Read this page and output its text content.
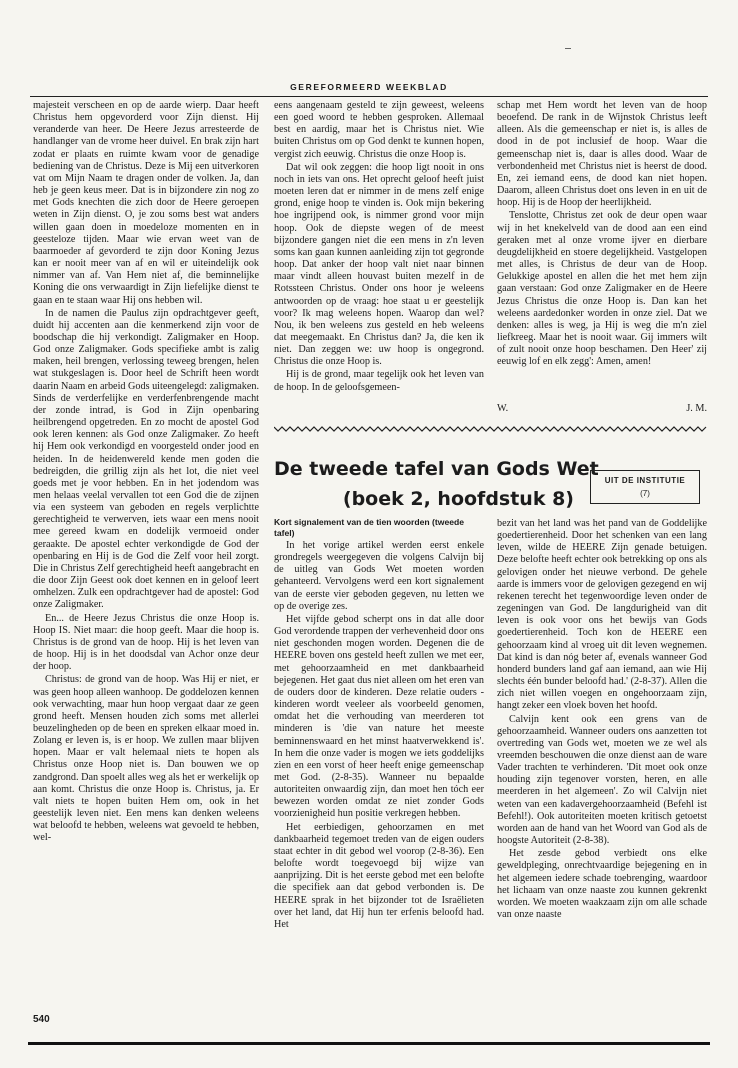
GEREFORMEERD WEEKBLAD

majesteit verscheen en op de aarde wierp. Daar heeft Christus hem opgevorderd voor Zijn dienst. Hij veranderde van heer. De Heere Jezus arresteerde de handlanger van de vrome heer duivel. En brak zijn hart zodat er plaats en ruimte kwam voor de genadige bediening van de Christus. Deze is Mij een uitverkoren vat om Mijn Naam te dragen onder de volken. Ja, dan heb je geen keus meer. Dat is in bijzondere zin nog zo met Gods knechten die zich door de Heere geroepen weten in Zijn dienst. O, je zou soms best wat anders willen gaan doen in moedeloze momenten en in geesteloze tijden. Maar wie ervan weet van de baarmoeder af gevorderd te zijn door Koning Jezus kan er nooit meer van af en wil er uiteindelijk ook nimmer van af. Van Hem niet af, die beminnelijke Koning die ons verwaardigt in Zijn liefelijke dienst te gaan en te staan waar Hij ons hebben wil.

In de namen die Paulus zijn opdrachtgever geeft, duidt hij accenten aan die kenmerkend zijn voor de boodschap die hij verkondigt. Zaligmaker en Hoop. God onze Zaligmaker. Gods specifieke ambt is zalig maken, heil brengen, verlossing teweeg brengen, helen wat stukgeslagen is. Door heel de Schrift heen wordt daarin Naam en arbeid Gods uiteengelegd: zaligmaken. Sinds de verderfelijke en verderfenbrengende macht der zonde intrad, is God in Zijn openbaring heilbrengend opgetreden. En zo mocht de apostel God ook leren kennen: als God onze Zaligmaker. Zo heeft hij Hem ook verkondigd en voorgesteld onder jood en heiden. In de heidenwereld kende men goden die bedreigden, die grillig zijn als het lot, die niet veel goeds met je voor hebben. En in het jodendom was men helaas veelal vervallen tot een God die de zijnen via een systeem van geboden en regels verplichtte gerechtigheid te verwerven, iets waar een mens nooit mee gereed kwam en dodelijk vermoeid onder geraakte. De apostel echter verkondigde de God der openbaring en Hij is de God die Zelf voor heil zorgt. Die in Christus Zelf gerechtigheid heeft aangebracht en die door Zijn Geest ook doet kennen en in geloof leert omhelzen. Zulk een opdrachtgever had de apostel: God onze Zaligmaker.

En... de Heere Jezus Christus die onze Hoop is. Hoop IS. Niet maar: die hoop geeft. Maar die hoop is. Christus is de grond van de hoop. Hij is het leven van de hoop. Hij is in het doodsdal van Achor onze deur der hoop.

Christus: de grond van de hoop. Was Hij er niet, er was geen hoop alleen wanhoop. De goddelozen kennen ook verwachting, maar hun hoop vergaat daar ze geen grond heeft. Mensen houden zich soms met allerlei beuzelingheden op de been en spreken elkaar moed in. Zolang er leven is, is er hoop. We zullen maar blijven hopen. Maar er valt helemaal niets te hopen als Christus onze Hoop niet is. Dan bouwen we op zandgrond. Dan spoelt alles weg als het er werkelijk op aan komt. Christus die onze Hoop is. Christus, ja. Er valt niets te hopen buiten Hem om, ook in het geestelijk leven niet. Een mens kan denken weleens wat beloofd te hebben, weleens wat gevoeld te hebben, wel-

eens aangenaam gesteld te zijn geweest, weleens een goed woord te hebben gesproken. Allemaal best en aardig, maar het is Christus niet. Wie buiten Christus om op God denkt te kunnen hopen, vergist zich eeuwig. Christus die onze Hoop is.

Dat wil ook zeggen: die hoop ligt nooit in ons noch in iets van ons. Het oprecht geloof heeft juist moeten leren dat er nimmer in de mens zelf enige grond, enige hoop te vinden is. Ook mijn bekering hoe ingrijpend ook, is nimmer grond voor mijn hoop. Ook de diepste wegen of de meest bijzondere gangen niet die een mens in z'n leven soms kan gaan kunnen aanleiding zijn tot gegronde hoop. Dat anker der hoop valt niet naar binnen maar vindt alleen houvast buiten mezelf in de Rotssteen Christus. Onder ons hoor je weleens antwoorden op de vraag: hoe staat u er geestelijk voor? Ik mag weleens hopen. Waarop dan wel? Nou, ik ben weleens zus gesteld en heb weleens dat meegemaakt. En Christus dan? Ja, die ken ik niet. Dan zeggen we: uw hoop is ongegrond. Christus die onze Hoop is.

Hij is de grond, maar tegelijk ook het leven van de hoop. In de geloofsgemeen-

schap met Hem wordt het leven van de hoop beoefend. De rank in de Wijnstok Christus leeft alleen. Als die gemeenschap er niet is, is alles de dood in de pot inclusief de hoop. Waar die gemeenschap niet is, daar is alles dood. Waar de verbondenheid met Christus niet is heerst de dood. En, zei iemand eens, de dood kan niet hopen. Daarom, alleen Christus doet ons leven in en uit de hoop. Hij is de Hoop der heerlijkheid.

Tenslotte, Christus zet ook de deur open waar wij in het knekelveld van de dood aan een eind geraken met al onze vrome ijver en dierbare deugdelijkheid en stoere degelijkheid. Vastgelopen met alles, is Christus de deur van de Hoop. Gelukkige apostel en allen die het met hem zijn gaan verstaan: God onze Zaligmaker en de Heere Jezus Christus die onze Hoop is. Dan kan het weleens aardedonker worden in onze ziel. Dat we denken: alles is weg, ja Hij is weg die m'n ziel liefkreeg. Maar het is nooit waar. Gij immers wilt of zult nooit onze hoop beschamen. Den Heer' zij eeuwig lof en elk zegg': Amen, amen!

W.	J. M.
De tweede tafel van Gods Wet
(boek 2, hoofdstuk 8)
UIT DE INSTITUTIE
(7)
Kort signalement van de tien woorden (tweede tafel)

In het vorige artikel werden eerst enkele grondregels weergegeven die volgens Calvijn bij de uitleg van Gods Wet moeten worden gehanteerd. Vervolgens werd een kort signalement van de eerste vier geboden gegeven, nu letten we op de overige zes.

Het vijfde gebod scherpt ons in dat alle door God verordende trappen der verhevenheid door ons niet geschonden mogen worden. Degenen die de HEERE boven ons gesteld heeft zullen we met eer, met gehoorzaamheid en met dankbaarheid bejegenen. Het gaat dus niet alleen om het eren van de ouders door de kinderen. Deze relatie ouders - kinderen wordt veeleer als voorbeeld genomen, omdat het die verhouding van meerderen tot minderen is 'die van nature het meeste beminnenswaard en het minst haatverwekkend is'. In hem die onze vader is mogen we iets goddelijks zien en een vorst of heer heeft enige gemeenschap met God. (2-8-35). Wanneer nu bepaalde autoriteiten onwaardig zijn, dan moet hen tóch eer bewezen worden omdat ze niet zonder Gods voorzienigheid hun positie verkregen hebben.

Het eerbiedigen, gehoorzamen en met dankbaarheid tegemoet treden van de eigen ouders staat echter in dit gebod wel voorop (2-8-36). Een belofte wordt toegevoegd bij wijze van aanprijzing. Dit is het eerste gebod met een belofte die specifiek aan dat gebod verbonden is. De HEERE sprak in het bijzonder tot de Israëlieten over het land, dat Hij hun ter erfenis beloofd had. Het

bezit van het land was het pand van de Goddelijke goedertierenheid. Door het schenken van een lang leven, wilde de HEERE Zijn genade betuigen. Deze belofte heeft echter ook betrekking op ons als gelovigen onder het nieuwe verbond. De gehele aarde is immers voor de gelovigen gezegend en wij rekenen terecht het tegenwoordige leven onder de zegeningen van God. De langdurigheid van dit leven is ook voor ons het bewijs van Gods goedertierenheid. Toch kon de HEERE een gehoorzaam kind al vroeg uit dit leven wegnemen. Dat kind is dan nóg beter af, evenals wanneer God honderd bunders land gaf aan iemand, aan wie Hij slechts één bunder beloofd had.' (2-8-37). Allen die zich niet willen voegen en ongehoorzaam zijn, hangt zeker een vloek boven het hoofd.

Calvijn kent ook een grens van de gehoorzaamheid. Wanneer ouders ons aanzetten tot overtreding van Gods wet, moeten we ze wel als vreemden beschouwen die onze dienst aan de ware Vader trachten te verhinderen. 'Dit moet ook onze houding zijn tegenover vorsten, heren, en alle meerderen in het algemeen'. Zo wil Calvijn niet weten van een kadavergehoorzaamheid (Befehl ist Befehl!). Ook autoriteiten moeten kritisch getoetst worden aan de hand van het Woord van God als de hoogste Autoriteit (2-8-38).

Het zesde gebod verbiedt ons elke geweldpleging, onrechtvaardige bejegening en in het algemeen iedere schade toebrenging, waardoor het lichaam van onze naaste zou kunnen gekrenkt worden. We moeten waakzaam zijn om alle schade van onze naaste

540
